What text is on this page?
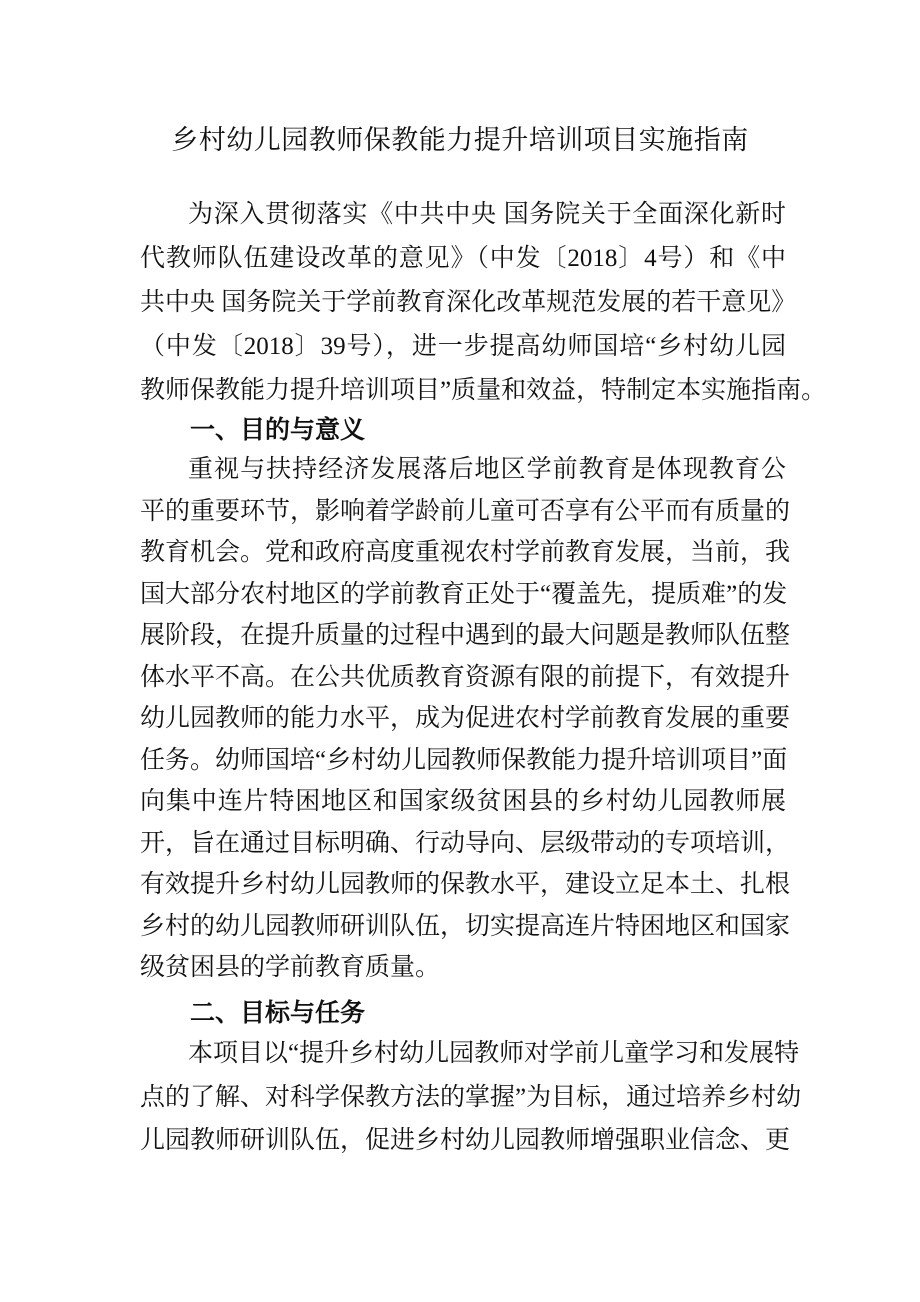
乡村幼儿园教师保教能力提升培训项目实施指南
为深入贯彻落实《中共中央 国务院关于全面深化新时
代教师队伍建设改革的意见》（中发〔2018〕4号）和《中
共中央 国务院关于学前教育深化改革规范发展的若干意见》
（中发〔2018〕39号），进一步提高幼师国培“乡村幼儿园
教师保教能力提升培训项目”质量和效益，特制定本实施指南。
一、目的与意义
重视与扶持经济发展落后地区学前教育是体现教育公
平的重要环节，影响着学龄前儿童可否享有公平而有质量的
教育机会。党和政府高度重视农村学前教育发展，当前，我
国大部分农村地区的学前教育正处于“覆盖先，提质难”的发
展阶段，在提升质量的过程中遇到的最大问题是教师队伍整
体水平不高。在公共优质教育资源有限的前提下，有效提升
幼儿园教师的能力水平，成为促进农村学前教育发展的重要
任务。幼师国培“乡村幼儿园教师保教能力提升培训项目”面
向集中连片特困地区和国家级贫困县的乡村幼儿园教师展
开，旨在通过目标明确、行动导向、层级带动的专项培训，
有效提升乡村幼儿园教师的保教水平，建设立足本土、扎根
乡村的幼儿园教师研训队伍，切实提高连片特困地区和国家
级贫困县的学前教育质量。
二、目标与任务
本项目以“提升乡村幼儿园教师对学前儿童学习和发展特
点的了解、对科学保教方法的掌握”为目标，通过培养乡村幼
儿园教师研训队伍，促进乡村幼儿园教师增强职业信念、更
